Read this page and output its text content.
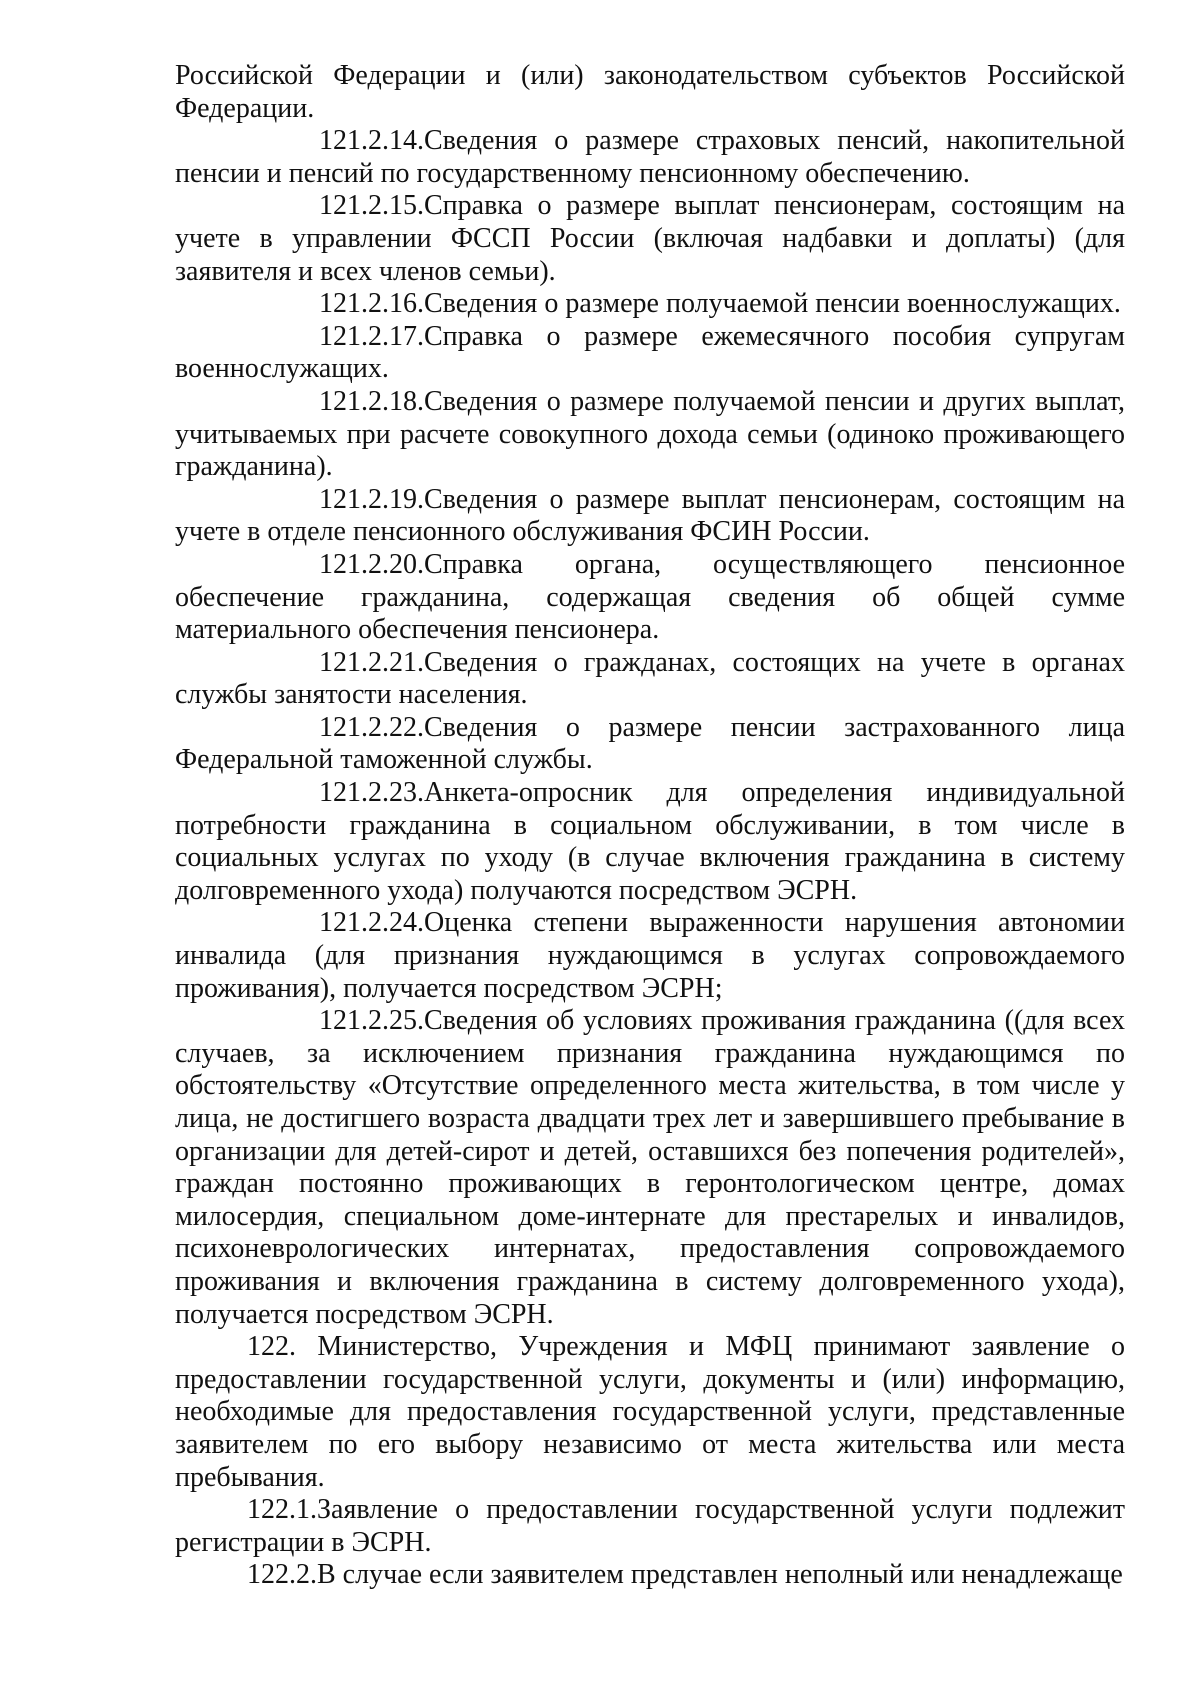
Российской Федерации и (или) законодательством субъектов Российской Федерации.

121.2.14.Сведения о размере страховых пенсий, накопительной пенсии и пенсий по государственному пенсионному обеспечению.

121.2.15.Справка о размере выплат пенсионерам, состоящим на учете в управлении ФССП России (включая надбавки и доплаты) (для заявителя и всех членов семьи).

121.2.16.Сведения о размере получаемой пенсии военнослужащих.

121.2.17.Справка о размере ежемесячного пособия супругам военнослужащих.

121.2.18.Сведения о размере получаемой пенсии и других выплат, учитываемых при расчете совокупного дохода семьи (одиноко проживающего гражданина).

121.2.19.Сведения о размере выплат пенсионерам, состоящим на учете в отделе пенсионного обслуживания ФСИН России.

121.2.20.Справка органа, осуществляющего пенсионное обеспечение гражданина, содержащая сведения об общей сумме материального обеспечения пенсионера.

121.2.21.Сведения о гражданах, состоящих на учете в органах службы занятости населения.

121.2.22.Сведения о размере пенсии застрахованного лица Федеральной таможенной службы.

121.2.23.Анкета-опросник для определения индивидуальной потребности гражданина в социальном обслуживании, в том числе в социальных услугах по уходу (в случае включения гражданина в систему долговременного ухода) получаются посредством ЭСРН.

121.2.24.Оценка степени выраженности нарушения автономии инвалида (для признания нуждающимся в услугах сопровождаемого проживания), получается посредством ЭСРН;

121.2.25.Сведения об условиях проживания гражданина ((для всех случаев, за исключением признания гражданина нуждающимся по обстоятельству «Отсутствие определенного места жительства, в том числе у лица, не достигшего возраста двадцати трех лет и завершившего пребывание в организации для детей-сирот и детей, оставшихся без попечения родителей», граждан постоянно проживающих в геронтологическом центре, домах милосердия, специальном доме-интернате для престарелых и инвалидов, психоневрологических интернатах, предоставления сопровождаемого проживания и включения гражданина в систему долговременного ухода), получается посредством ЭСРН.

122. Министерство, Учреждения и МФЦ принимают заявление о предоставлении государственной услуги, документы и (или) информацию, необходимые для предоставления государственной услуги, представленные заявителем по его выбору независимо от места жительства или места пребывания.

122.1.Заявление о предоставлении государственной услуги подлежит регистрации в ЭСРН.

122.2.В случае если заявителем представлен неполный или ненадлежаще
